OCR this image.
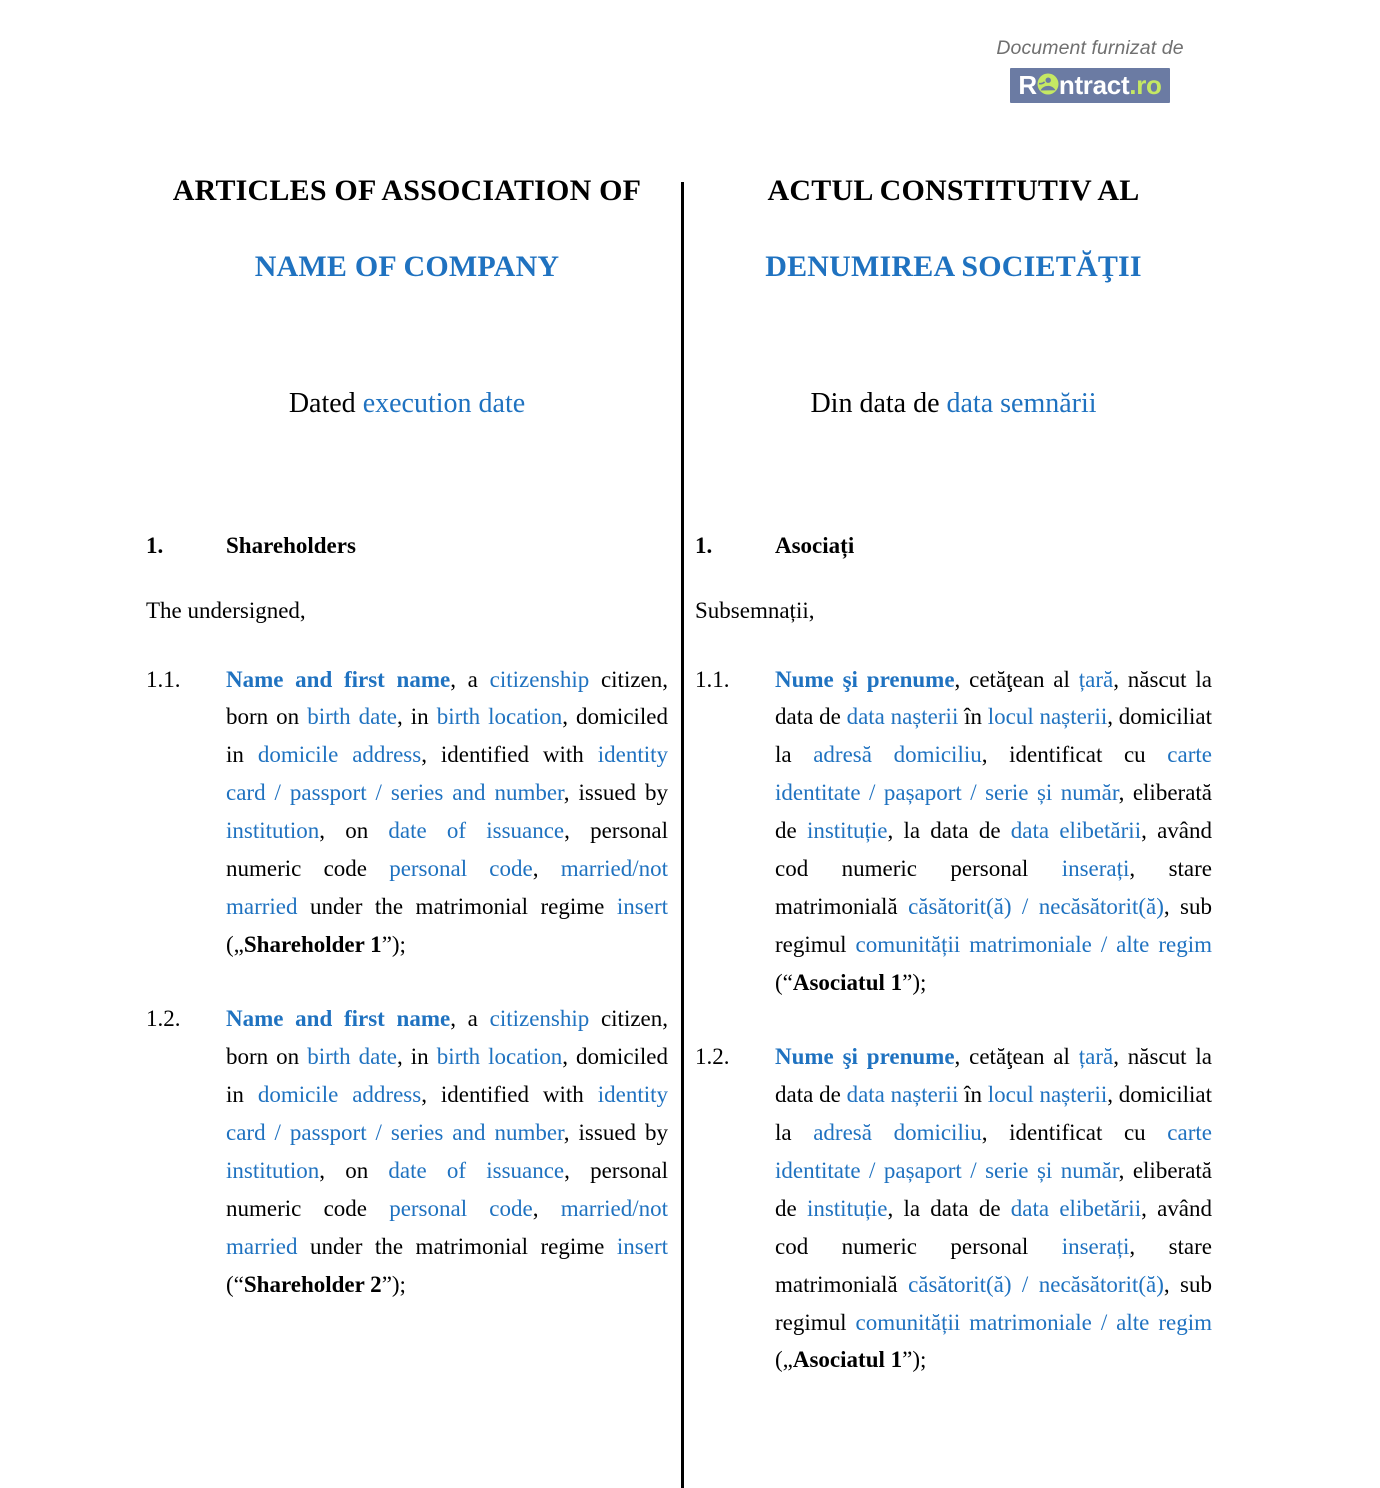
Document furnizat de
R ntract.ro
ARTICLES OF ASSOCIATION OF
NAME OF COMPANY
Dated execution date
1.	Shareholders

The undersigned,

1.1.	Name and first name, a citizenship citizen, born on birth date, in birth location, domiciled in domicile address, identified with identity card / passport / series and number, issued by institution, on date of issuance, personal numeric code personal code, married/not married under the matrimonial regime insert („Shareholder 1”);
1.2.	Name and first name, a citizenship citizen, born on birth date, in birth location, domiciled in domicile address, identified with identity card / passport / series and number, issued by institution, on date of issuance, personal numeric code personal code, married/not married under the matrimonial regime insert (“Shareholder 2”);
ACTUL CONSTITUTIV AL
DENUMIREA SOCIETĂŢII
Din data de data semnării
1.	Asociați

Subsemnații,

1.1.	Nume şi prenume, cetăţean al țară, născut la data de data nașterii în locul nașterii, domiciliat la adresă domiciliu, identificat cu carte identitate / pașaport / serie și număr, eliberată de instituție, la data de data elibetării, având cod numeric personal inserați, stare matrimonială căsătorit(ă) / necăsătorit(ă), sub regimul comunității matrimoniale / alte regim (“Asociatul 1”);
1.2.	Nume şi prenume, cetăţean al țară, născut la data de data nașterii în locul nașterii, domiciliat la adresă domiciliu, identificat cu carte identitate / pașaport / serie și număr, eliberată de instituție, la data de data elibetării, având cod numeric personal inserați, stare matrimonială căsătorit(ă) / necăsătorit(ă), sub regimul comunității matrimoniale / alte regim („Asociatul 1”);
